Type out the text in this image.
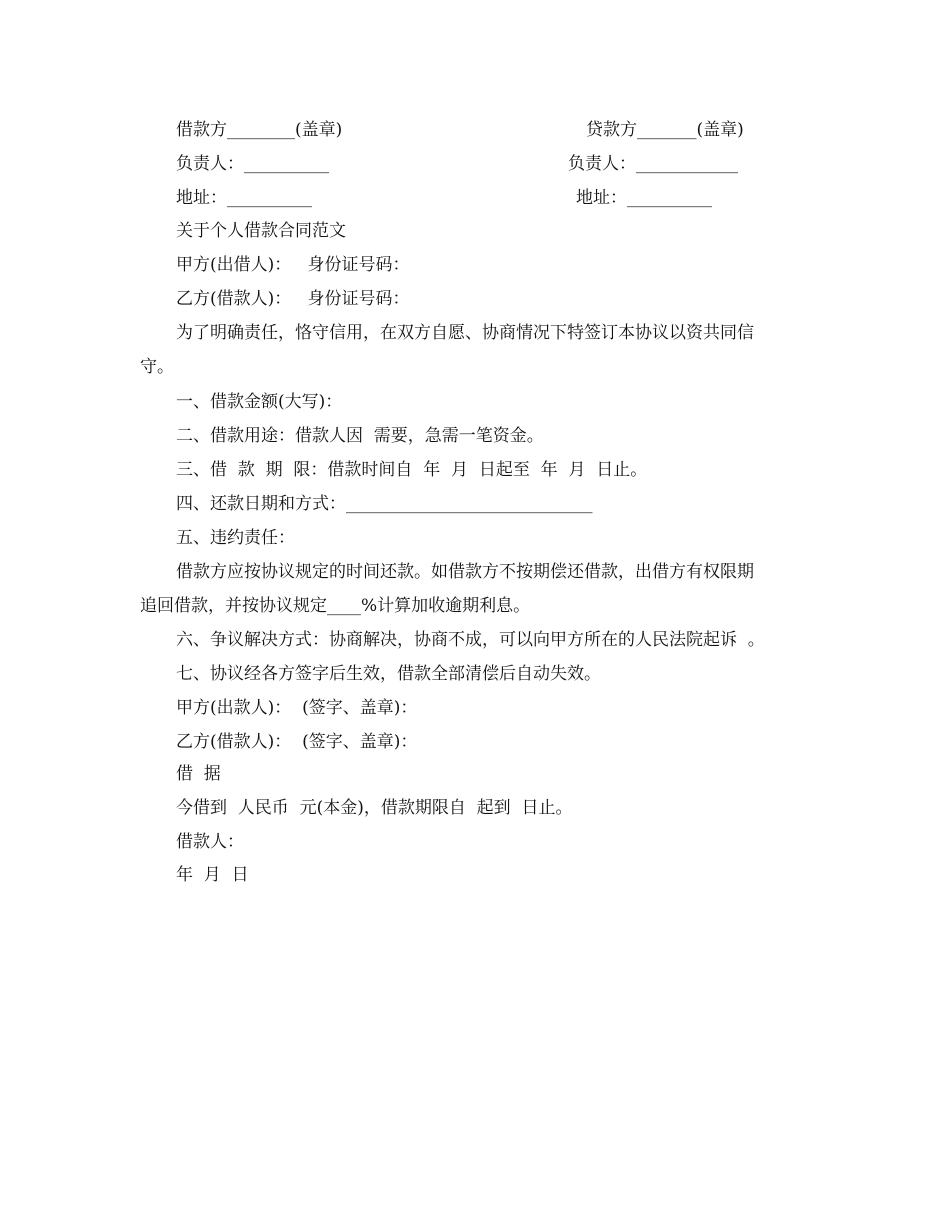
借款方________(盖章)	贷款方_______(盖章)
负责人：__________	负责人：____________
地址：__________	地址：__________
关于个人借款合同范文
甲方(出借人)：   身份证号码：
乙方(借款人)：   身份证号码：
为了明确责任，恪守信用，在双方自愿、协商情况下特签订本协议以资共同信
守。
一、借款金额(大写)：
二、借款用途：借款人因  需要，急需一笔资金。
三、借  款  期  限：借款时间自  年  月  日起至  年  月  日止。
四、还款日期和方式：_____________________________
五、违约责任：
借款方应按协议规定的时间还款。如借款方不按期偿还借款，出借方有权限期
追回借款，并按协议规定____%计算加收逾期利息。
六、争议解决方式：协商解决，协商不成，可以向甲方所在的人民法院起诉  。
七、协议经各方签字后生效，借款全部清偿后自动失效。
甲方(出款人)：  (签字、盖章)：
乙方(借款人)：  (签字、盖章)：
借  据
今借到  人民币  元(本金)，借款期限自  起到  日止。
借款人：
年  月  日
